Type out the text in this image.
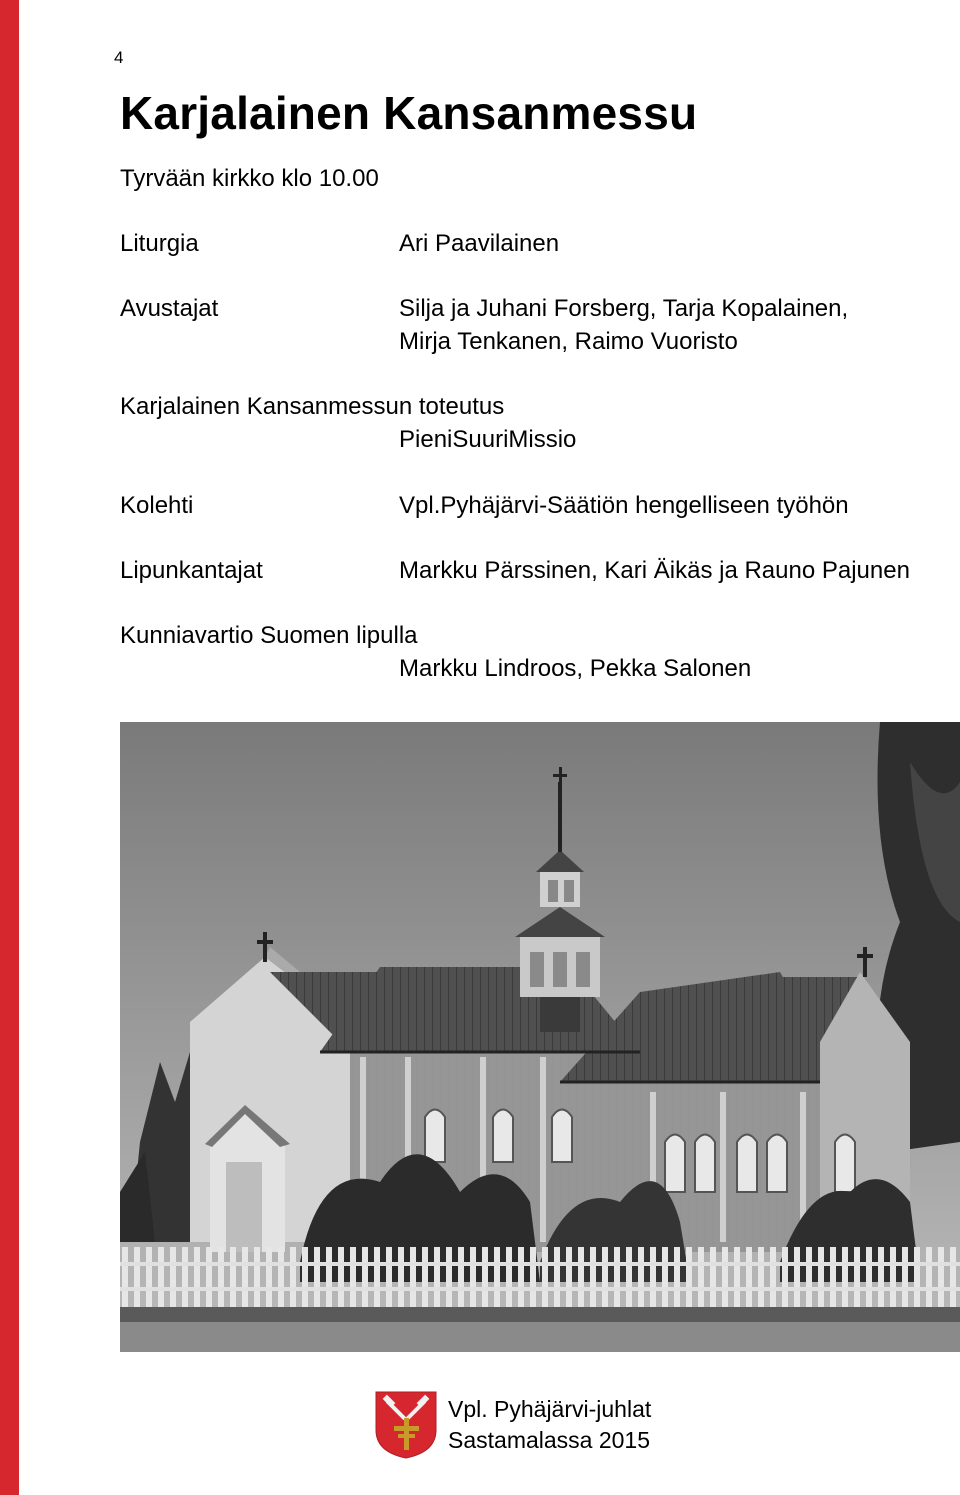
4
Karjalainen Kansanmessu
Tyrvään kirkko klo 10.00
Liturgia	Ari Paavilainen
Avustajat	Silja ja Juhani Forsberg, Tarja Kopalainen,
Mirja Tenkanen, Raimo Vuoristo
Karjalainen Kansanmessun toteutus
PieniSuuriMissio
Kolehti	Vpl.Pyhäjärvi-Säätiön hengelliseen työhön
Lipunkantajat	Markku Pärssinen, Kari Äikäs ja Rauno Pajunen
Kunniavartio Suomen lipulla
Markku Lindroos, Pekka Salonen
Vpl. Pyhäjärvi-juhlat
Sastamalassa 2015
